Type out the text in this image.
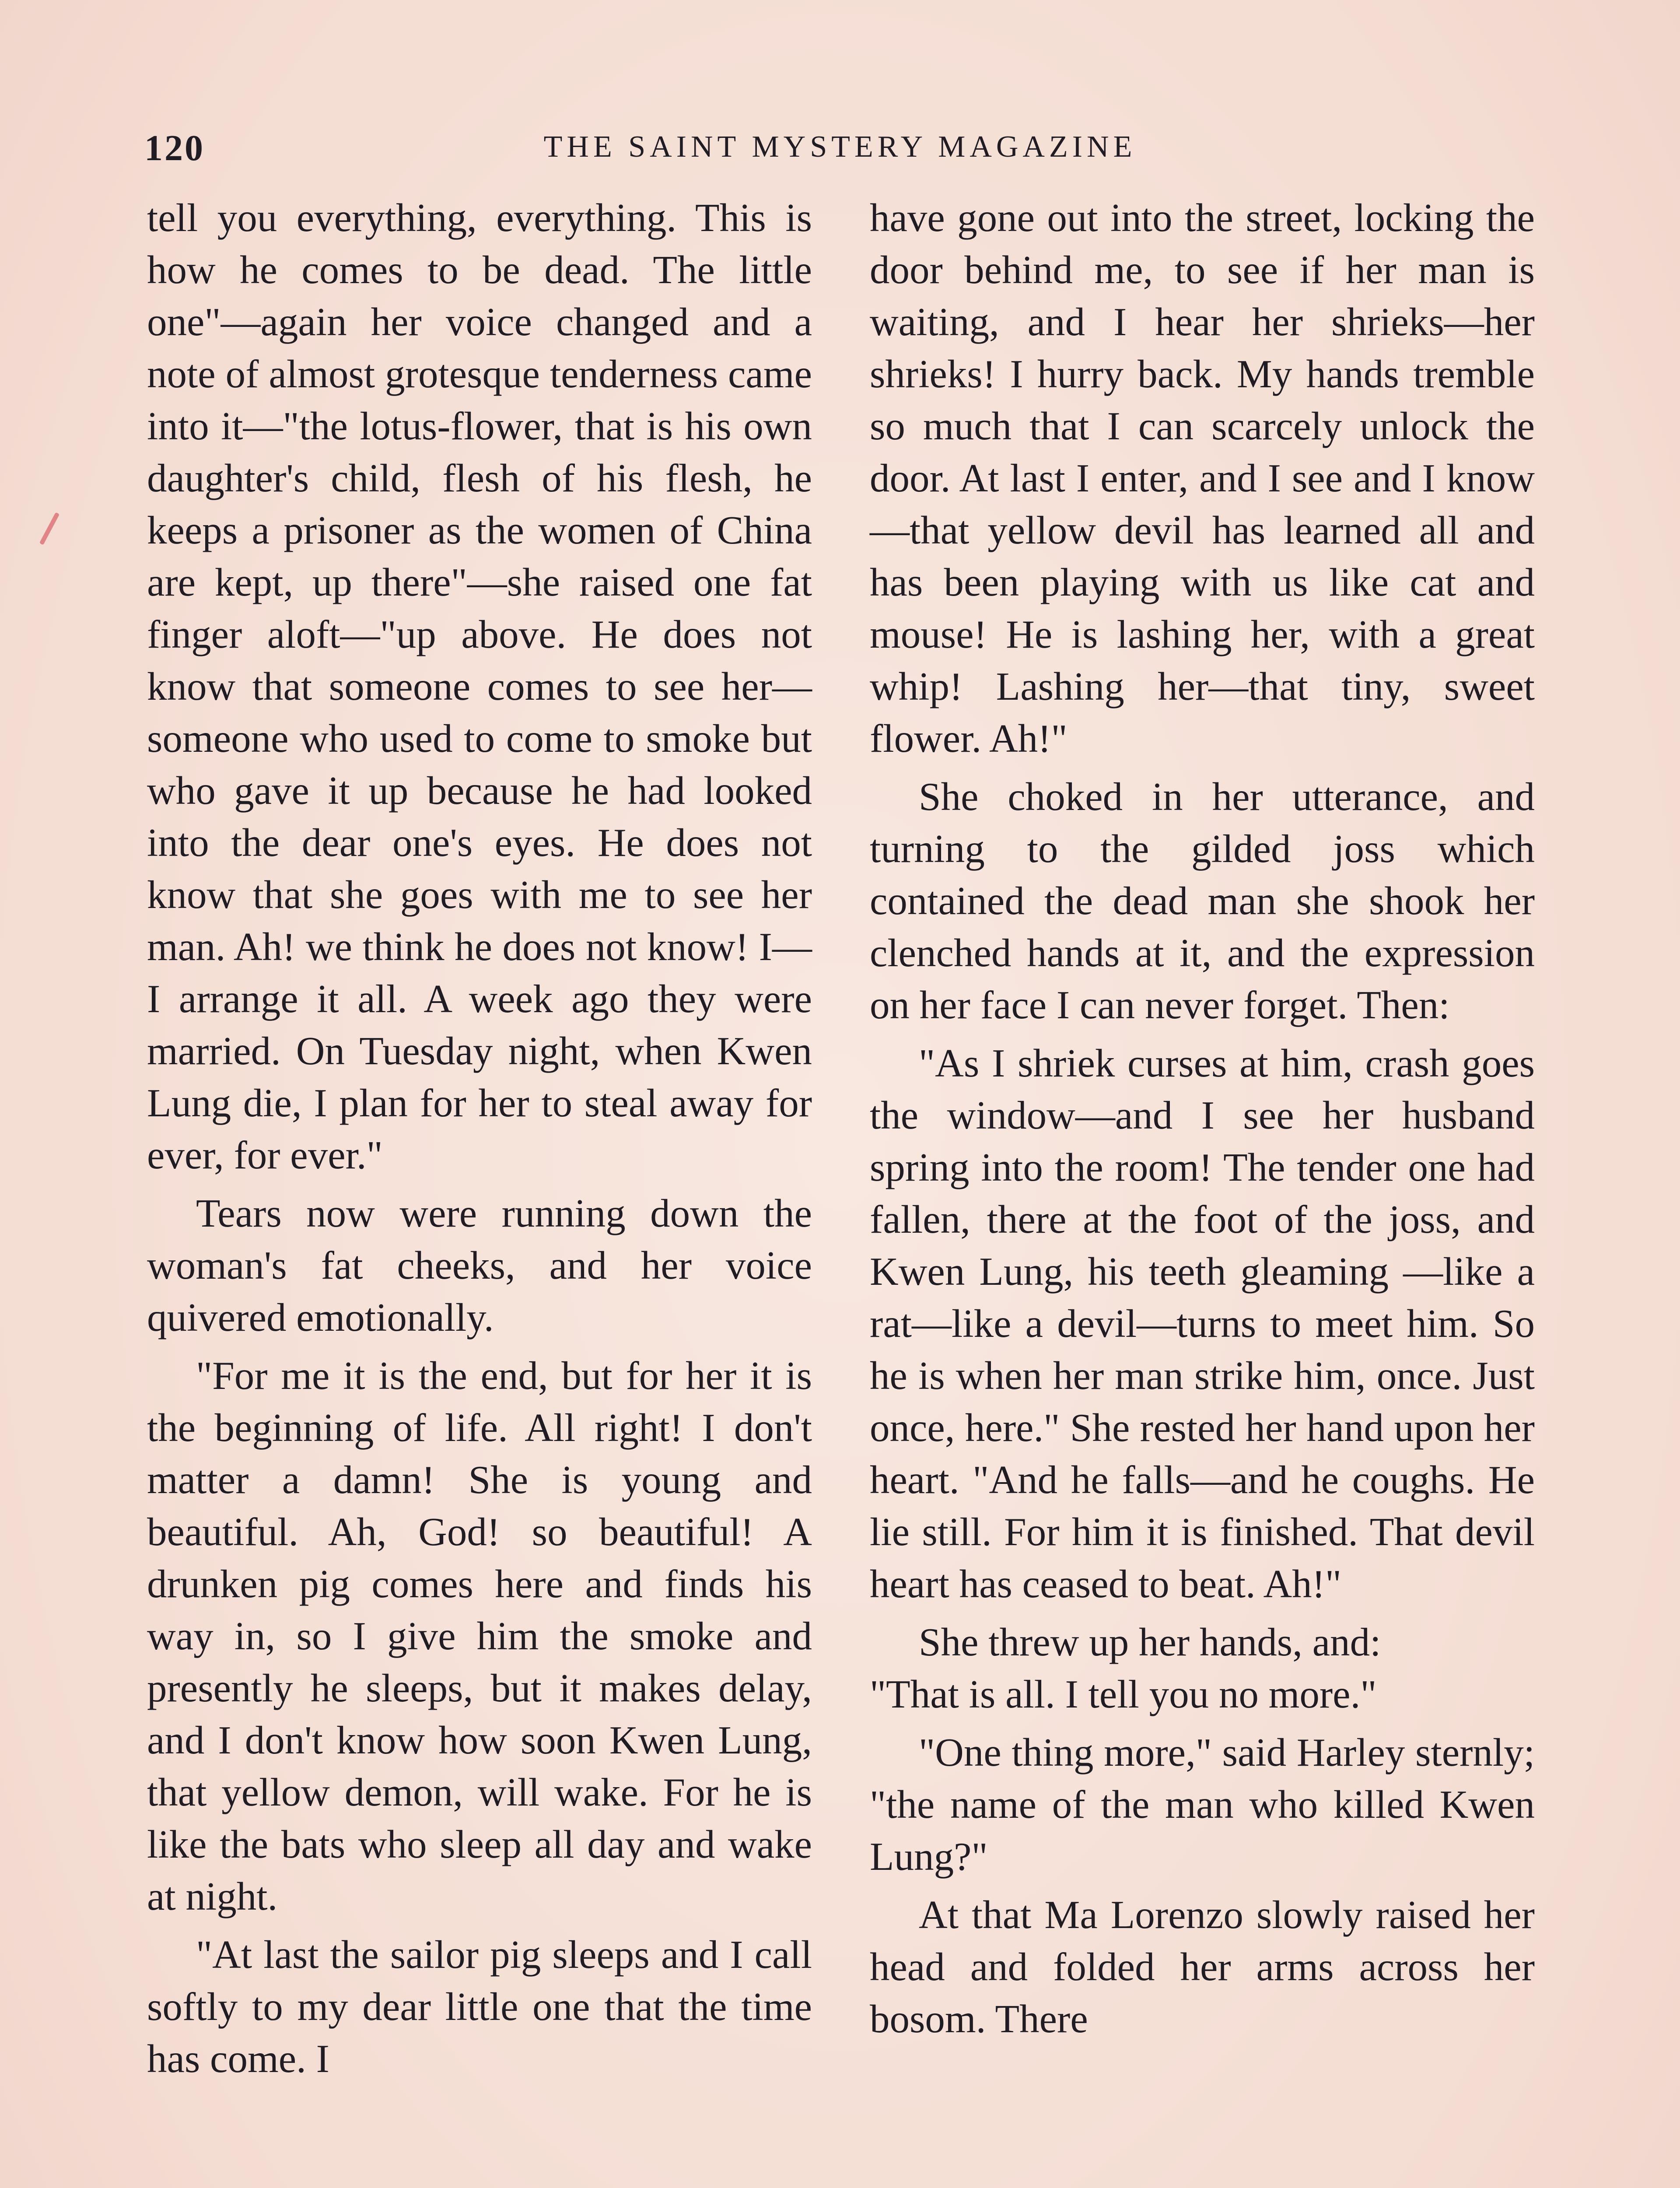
120	THE SAINT MYSTERY MAGAZINE

tell you everything, everything. This is how he comes to be dead. The little one"—again her voice changed and a note of almost grotesque tenderness came into it—"the lotus-flower, that is his own daughter's child, flesh of his flesh, he keeps a prisoner as the women of China are kept, up there"—she raised one fat finger aloft—"up above. He does not know that someone comes to see her—someone who used to come to smoke but who gave it up because he had looked into the dear one's eyes. He does not know that she goes with me to see her man. Ah! we think he does not know! I—I arrange it all. A week ago they were married. On Tuesday night, when Kwen Lung die, I plan for her to steal away for ever, for ever."

Tears now were running down the woman's fat cheeks, and her voice quivered emotionally.

"For me it is the end, but for her it is the beginning of life. All right! I don't matter a damn! She is young and beautiful. Ah, God! so beautiful! A drunken pig comes here and finds his way in, so I give him the smoke and presently he sleeps, but it makes delay, and I don't know how soon Kwen Lung, that yellow demon, will wake. For he is like the bats who sleep all day and wake at night.

"At last the sailor pig sleeps and I call softly to my dear little one that the time has come. I

have gone out into the street, locking the door behind me, to see if her man is waiting, and I hear her shrieks—her shrieks! I hurry back. My hands tremble so much that I can scarcely unlock the door. At last I enter, and I see and I know—that yellow devil has learned all and has been playing with us like cat and mouse! He is lashing her, with a great whip! Lashing her—that tiny, sweet flower. Ah!"

She choked in her utterance, and turning to the gilded joss which contained the dead man she shook her clenched hands at it, and the expression on her face I can never forget. Then:

"As I shriek curses at him, crash goes the window—and I see her husband spring into the room! The tender one had fallen, there at the foot of the joss, and Kwen Lung, his teeth gleaming —like a rat—like a devil—turns to meet him. So he is when her man strike him, once. Just once, here." She rested her hand upon her heart. "And he falls—and he coughs. He lie still. For him it is finished. That devil heart has ceased to beat. Ah!"

She threw up her hands, and:

"That is all. I tell you no more."

"One thing more," said Harley sternly; "the name of the man who killed Kwen Lung?"

At that Ma Lorenzo slowly raised her head and folded her arms across her bosom. There
